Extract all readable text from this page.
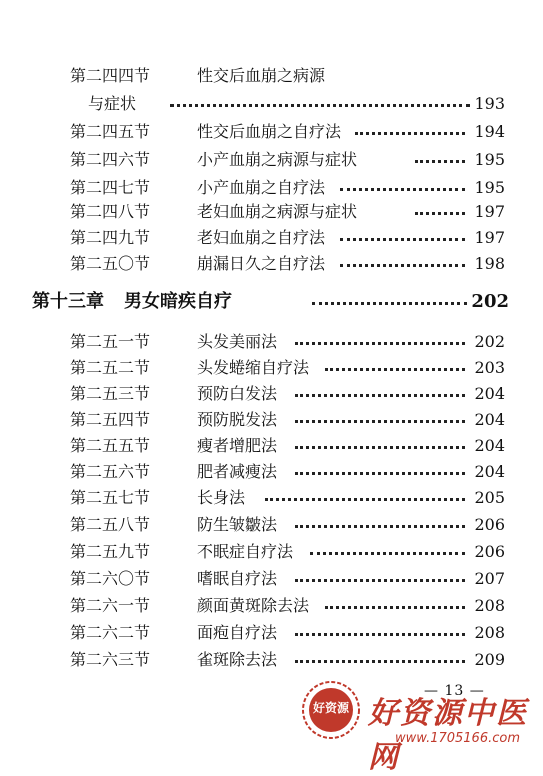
第二四四节	性交后血崩之病源
与症状	193
第二四五节	性交后血崩之自疗法	194
第二四六节	小产血崩之病源与症状	195
第二四七节	小产血崩之自疗法	195
第二四八节	老妇血崩之病源与症状	197
第二四九节	老妇血崩之自疗法	197
第二五〇节	崩漏日久之自疗法	198
第十三章 男女暗疾自疗	202
第二五一节	头发美丽法	202
第二五二节	头发蜷缩自疗法	203
第二五三节	预防白发法	204
第二五四节	预防脱发法	204
第二五五节	瘦者增肥法	204
第二五六节	肥者减瘦法	204
第二五七节	长身法	205
第二五八节	防生皱皺法	206
第二五九节	不眠症自疗法	206
第二六〇节	嗜眠自疗法	207
第二六一节	颜面黄斑除去法	208
第二六二节	面疱自疗法	208
第二六三节	雀斑除去法	209
— 13 —
好资源 好资源中医网
www.1705166.com
